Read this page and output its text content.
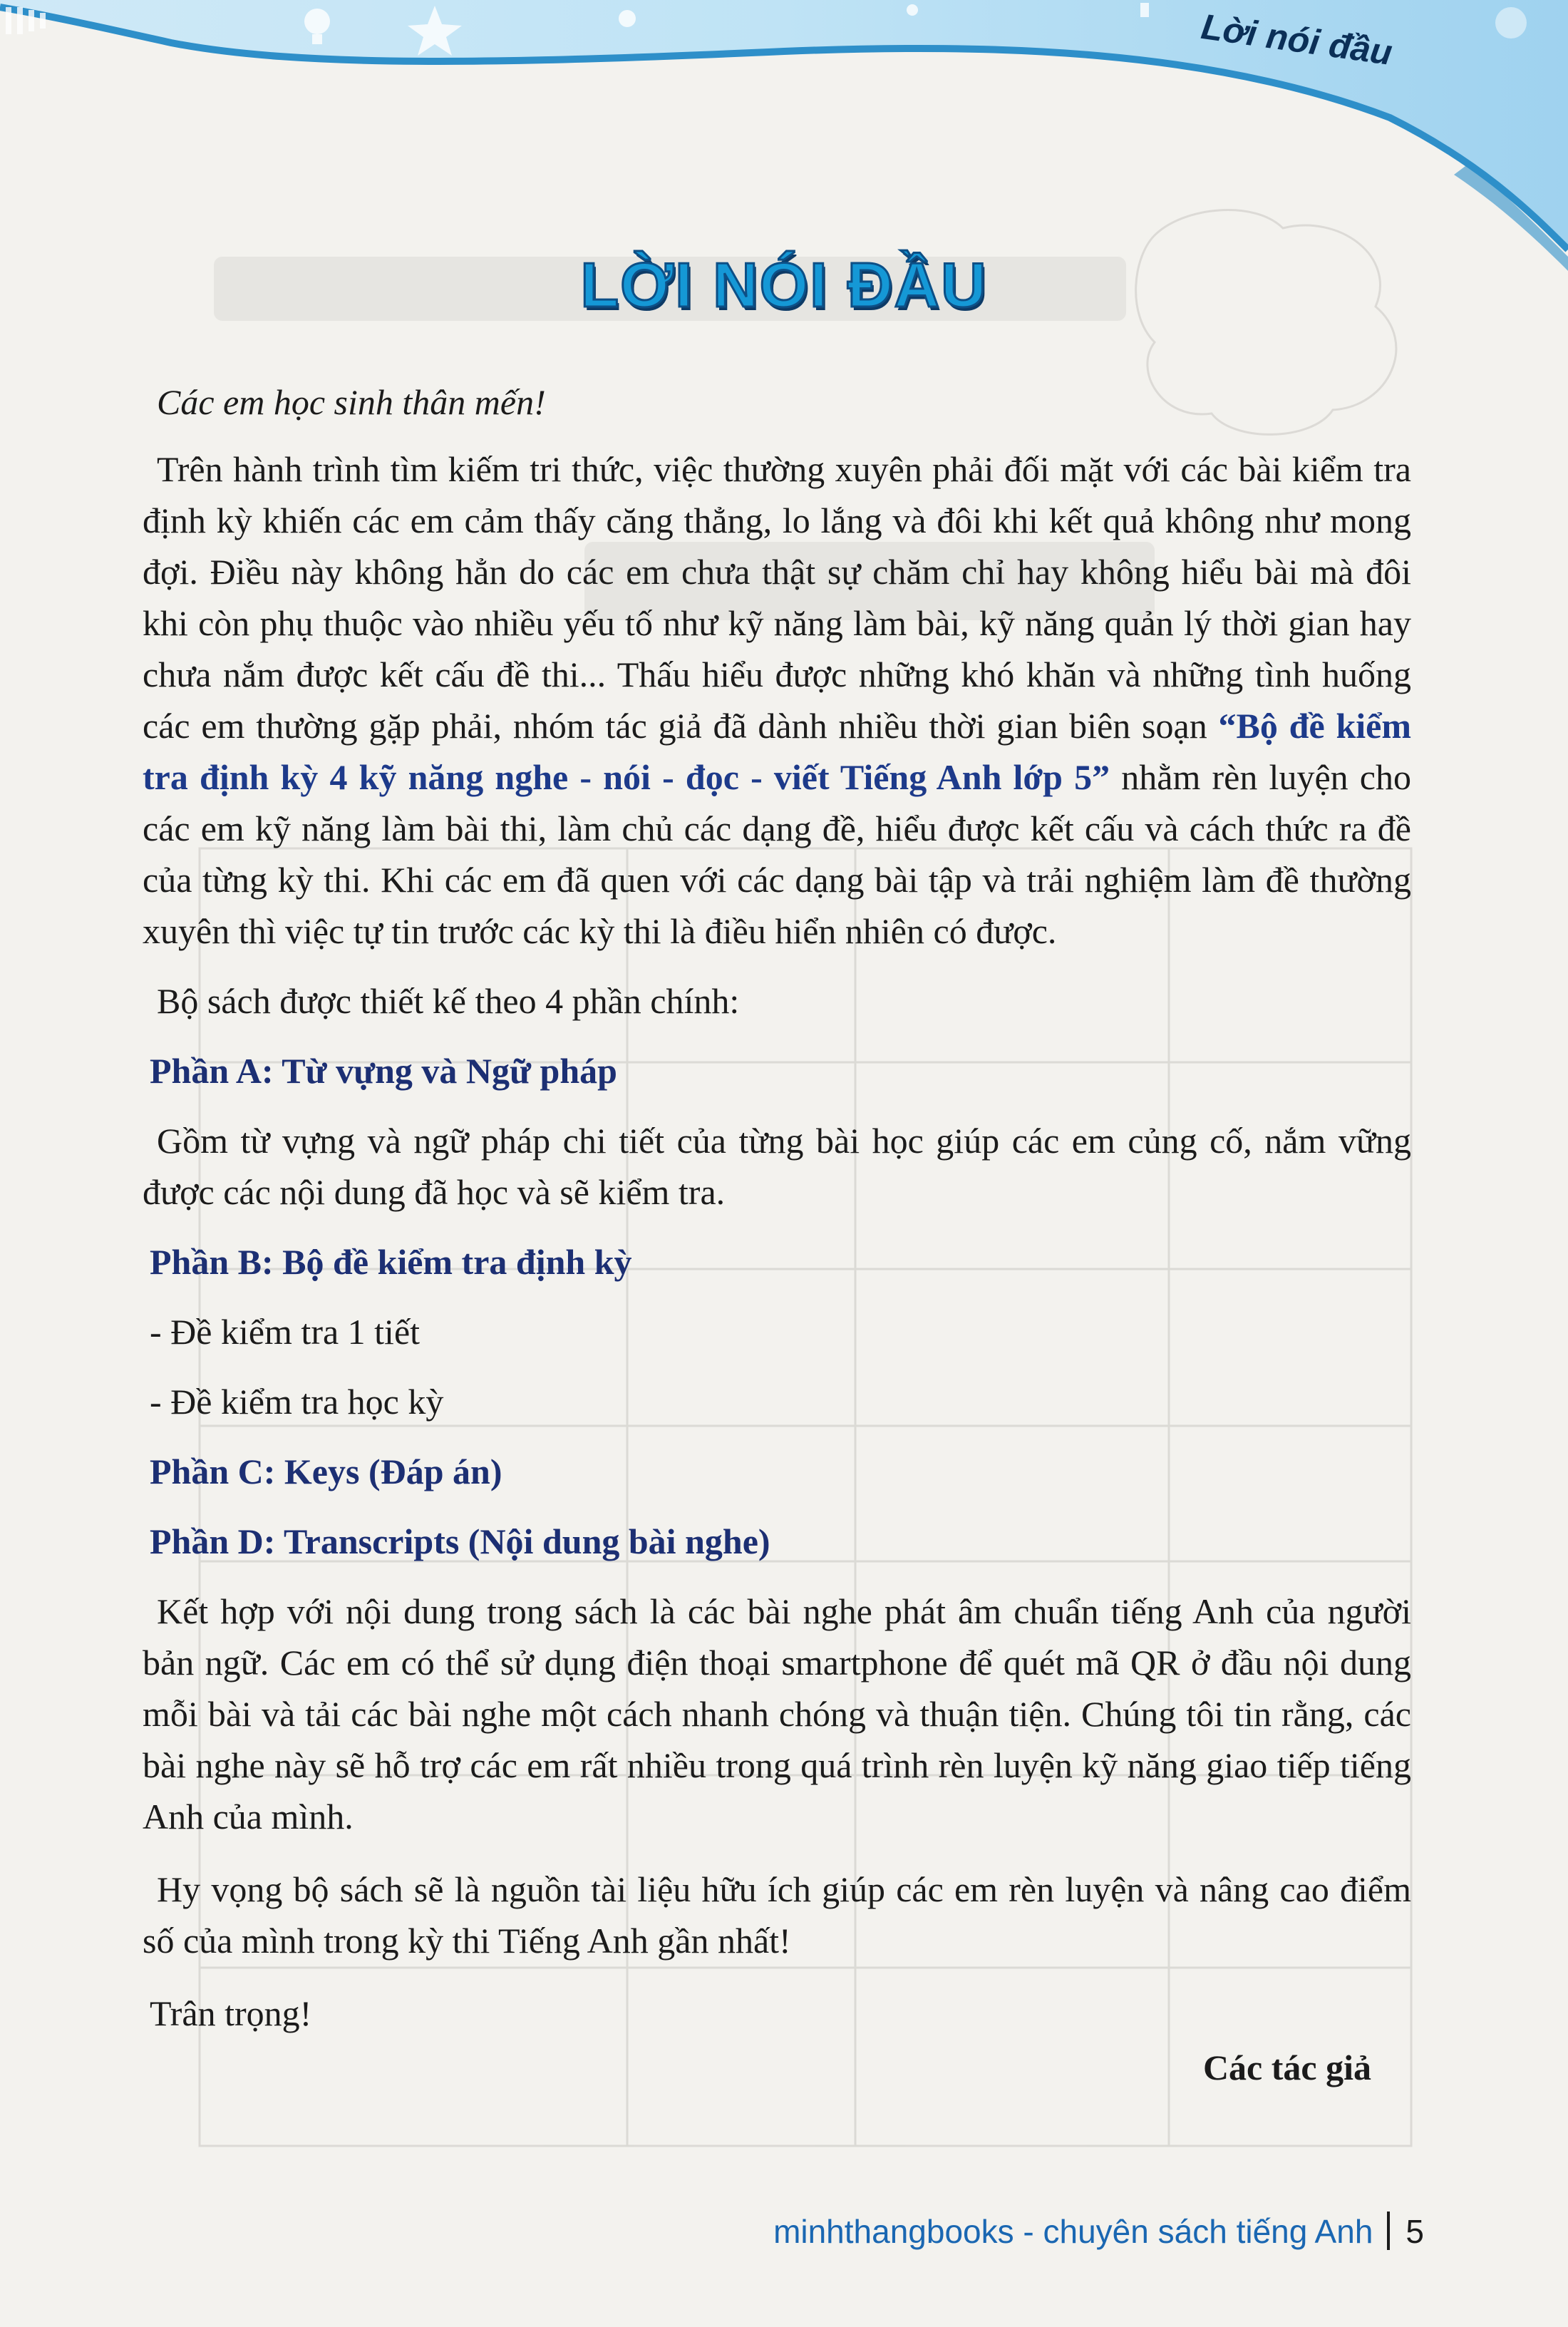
Lời nói đầu
LỜI NÓI ĐẦU

Các em học sinh thân mến!

Trên hành trình tìm kiếm tri thức, việc thường xuyên phải đối mặt với các bài kiểm tra định kỳ khiến các em cảm thấy căng thẳng, lo lắng và đôi khi kết quả không như mong đợi. Điều này không hẳn do các em chưa thật sự chăm chỉ hay không hiểu bài mà đôi khi còn phụ thuộc vào nhiều yếu tố như kỹ năng làm bài, kỹ năng quản lý thời gian hay chưa nắm được kết cấu đề thi... Thấu hiểu được những khó khăn và những tình huống các em thường gặp phải, nhóm tác giả đã dành nhiều thời gian biên soạn “Bộ đề kiểm tra định kỳ 4 kỹ năng nghe - nói - đọc - viết Tiếng Anh lớp 5” nhằm rèn luyện cho các em kỹ năng làm bài thi, làm chủ các dạng đề, hiểu được kết cấu và cách thức ra đề của từng kỳ thi. Khi các em đã quen với các dạng bài tập và trải nghiệm làm đề thường xuyên thì việc tự tin trước các kỳ thi là điều hiển nhiên có được.

Bộ sách được thiết kế theo 4 phần chính:

Phần A: Từ vựng và Ngữ pháp

Gồm từ vựng và ngữ pháp chi tiết của từng bài học giúp các em củng cố, nắm vững được các nội dung đã học và sẽ kiểm tra.

Phần B: Bộ đề kiểm tra định kỳ

- Đề kiểm tra 1 tiết

- Đề kiểm tra học kỳ

Phần C: Keys (Đáp án)

Phần D: Transcripts (Nội dung bài nghe)

Kết hợp với nội dung trong sách là các bài nghe phát âm chuẩn tiếng Anh của người bản ngữ. Các em có thể sử dụng điện thoại smartphone để quét mã QR ở đầu nội dung mỗi bài và tải các bài nghe một cách nhanh chóng và thuận tiện. Chúng tôi tin rằng, các bài nghe này sẽ hỗ trợ các em rất nhiều trong quá trình rèn luyện kỹ năng giao tiếp tiếng Anh của mình.

Hy vọng bộ sách sẽ là nguồn tài liệu hữu ích giúp các em rèn luyện và nâng cao điểm số của mình trong kỳ thi Tiếng Anh gần nhất!

Trân trọng!

Các tác giả

minhthangbooks - chuyên sách tiếng Anh 5
